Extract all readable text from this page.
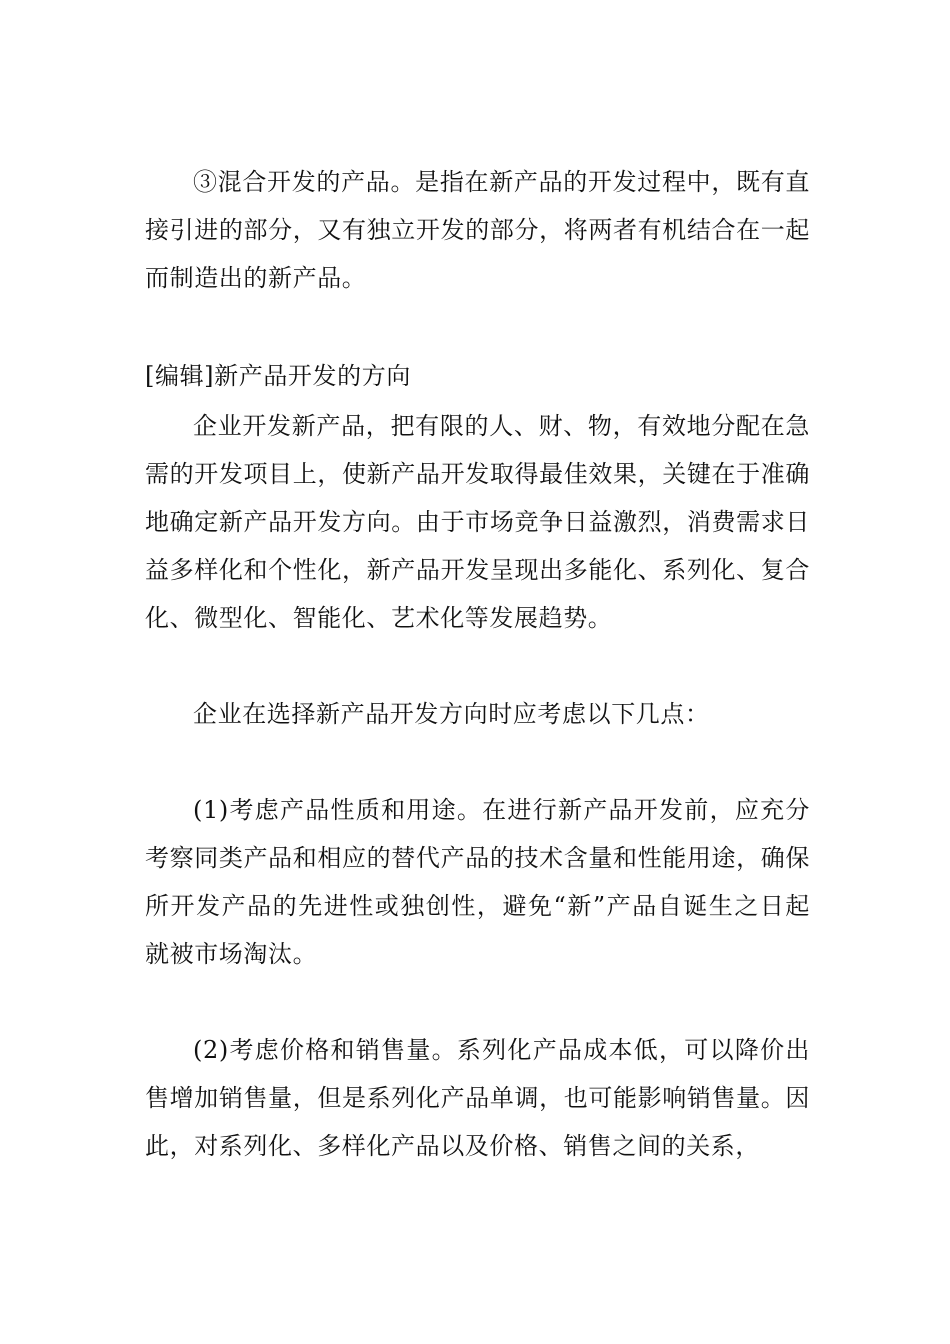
③混合开发的产品。是指在新产品的开发过程中，既有直接引进的部分，又有独立开发的部分，将两者有机结合在一起而制造出的新产品。

[编辑]新产品开发的方向

企业开发新产品，把有限的人、财、物，有效地分配在急需的开发项目上，使新产品开发取得最佳效果，关键在于准确地确定新产品开发方向。由于市场竞争日益激烈，消费需求日益多样化和个性化，新产品开发呈现出多能化、系列化、复合化、微型化、智能化、艺术化等发展趋势。

企业在选择新产品开发方向时应考虑以下几点：

(1)考虑产品性质和用途。在进行新产品开发前，应充分考察同类产品和相应的替代产品的技术含量和性能用途，确保所开发产品的先进性或独创性，避免“新”产品自诞生之日起就被市场淘汰。

(2)考虑价格和销售量。系列化产品成本低，可以降价出售增加销售量，但是系列化产品单调，也可能影响销售量。因此，对系列化、多样化产品以及价格、销售之间的关系，
